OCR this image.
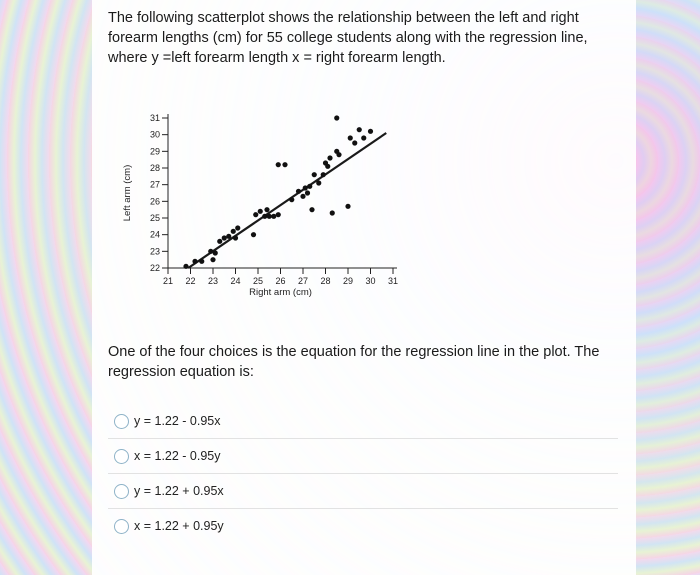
The following scatterplot shows the relationship between the left and right forearm lengths (cm) for 55 college students along with the regression line, where y =left forearm length x = right forearm length.

22
23
24
25
26
27
28
29
30
31
21 22 23 24 25 26 27 28 29 30 31
Right arm (cm)
Left arm (cm)

One of the four choices is the equation for the regression line in the plot. The regression equation is:

y = 1.22 - 0.95x
x = 1.22 - 0.95y
y = 1.22 + 0.95x
x = 1.22 + 0.95y
